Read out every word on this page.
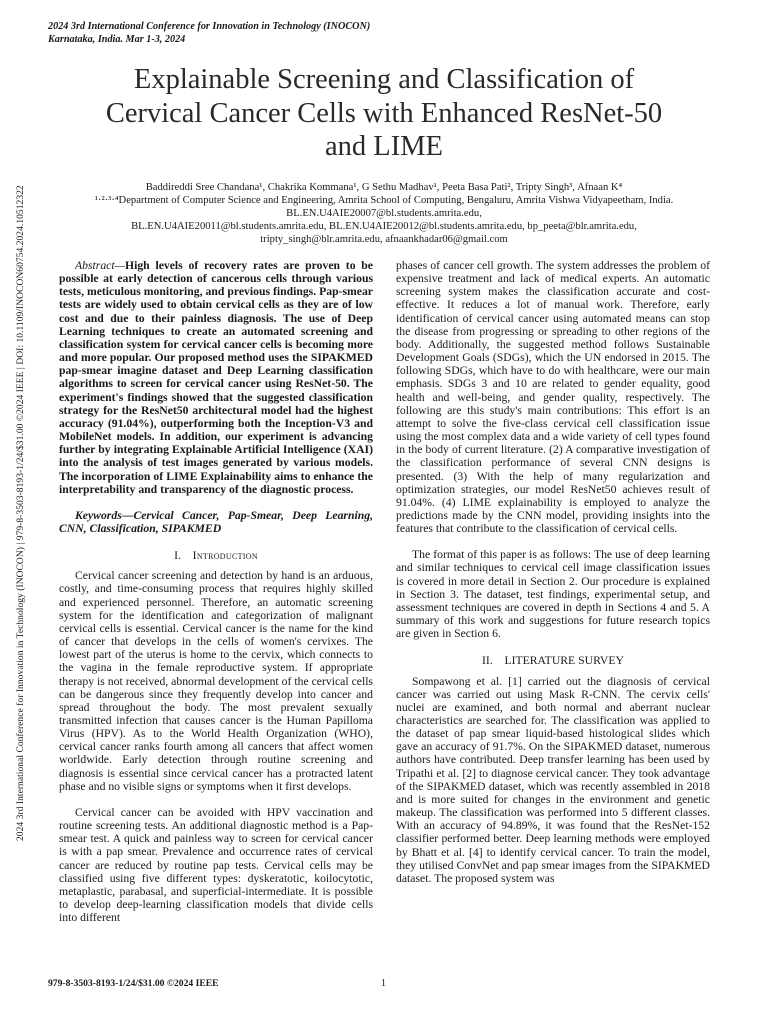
2024 3rd International Conference for Innovation in Technology (INOCON)
Karnataka, India. Mar 1-3, 2024
2024 3rd International Conference for Innovation in Technology (INOCON) | 979-8-3503-8193-1/24/$31.00 ©2024 IEEE | DOI: 10.1109/INOCON60754.2024.10512322
Explainable Screening and Classification of
Cervical Cancer Cells with Enhanced ResNet-50
and LIME
Baddireddi Sree Chandana¹, Chakrika Kommana¹, G Sethu Madhav¹, Peeta Basa Pati², Tripty Singh³, Afnaan K⁴
¹·²·³·⁴Department of Computer Science and Engineering, Amrita School of Computing, Bengaluru, Amrita Vishwa Vidyapeetham, India.
BL.EN.U4AIE20007@bl.students.amrita.edu,
BL.EN.U4AIE20011@bl.students.amrita.edu, BL.EN.U4AIE20012@bl.students.amrita.edu, bp_peeta@blr.amrita.edu,
tripty_singh@blr.amrita.edu, afnaankhadar06@gmail.com

Abstract—High levels of recovery rates are proven to be possible at early detection of cancerous cells through various tests, meticulous monitoring, and previous findings. Pap-smear tests are widely used to obtain cervical cells as they are of low cost and due to their painless diagnosis. The use of Deep Learning techniques to create an automated screening and classification system for cervical cancer cells is becoming more and more popular. Our proposed method uses the SIPAKMED pap-smear imagine dataset and Deep Learning classification algorithms to screen for cervical cancer using ResNet-50. The experiment's findings showed that the suggested classification strategy for the ResNet50 architectural model had the highest accuracy (91.04%), outperforming both the Inception-V3 and MobileNet models. In addition, our experiment is advancing further by integrating Explainable Artificial Intelligence (XAI) into the analysis of test images generated by various models. The incorporation of LIME Explainability aims to enhance the interpretability and transparency of the diagnostic process.

Keywords—Cervical Cancer, Pap-Smear, Deep Learning, CNN, Classification, SIPAKMED

I. Introduction

Cervical cancer screening and detection by hand is an arduous, costly, and time-consuming process that requires highly skilled and experienced personnel. Therefore, an automatic screening system for the identification and categorization of malignant cervical cells is essential. Cervical cancer is the name for the kind of cancer that develops in the cells of women's cervixes. The lowest part of the uterus is home to the cervix, which connects to the vagina in the female reproductive system. If appropriate therapy is not received, abnormal development of the cervical cells can be dangerous since they frequently develop into cancer and spread throughout the body. The most prevalent sexually transmitted infection that causes cancer is the Human Papilloma Virus (HPV). As to the World Health Organization (WHO), cervical cancer ranks fourth among all cancers that affect women worldwide. Early detection through routine screening and diagnosis is essential since cervical cancer has a protracted latent phase and no visible signs or symptoms when it first develops.

Cervical cancer can be avoided with HPV vaccination and routine screening tests. An additional diagnostic method is a Pap-smear test. A quick and painless way to screen for cervical cancer is with a pap smear. Prevalence and occurrence rates of cervical cancer are reduced by routine pap tests. Cervical cells may be classified using five different types: dyskeratotic, koilocytotic, metaplastic, parabasal, and superficial-intermediate. It is possible to develop deep-learning classification models that divide cells into different

phases of cancer cell growth. The system addresses the problem of expensive treatment and lack of medical experts. An automatic screening system makes the classification accurate and cost-effective. It reduces a lot of manual work. Therefore, early identification of cervical cancer using automated means can stop the disease from progressing or spreading to other regions of the body. Additionally, the suggested method follows Sustainable Development Goals (SDGs), which the UN endorsed in 2015. The following SDGs, which have to do with healthcare, were our main emphasis. SDGs 3 and 10 are related to gender equality, good health and well-being, and gender quality, respectively. The following are this study's main contributions: This effort is an attempt to solve the five-class cervical cell classification issue using the most complex data and a wide variety of cell types found in the body of current literature. (2) A comparative investigation of the classification performance of several CNN designs is presented. (3) With the help of many regularization and optimization strategies, our model ResNet50 achieves result of 91.04%. (4) LIME explainability is employed to analyze the predictions made by the CNN model, providing insights into the features that contribute to the classification of cervical cells.

The format of this paper is as follows: The use of deep learning and similar techniques to cervical cell image classification issues is covered in more detail in Section 2. Our procedure is explained in Section 3. The dataset, test findings, experimental setup, and assessment techniques are covered in depth in Sections 4 and 5. A summary of this work and suggestions for future research topics are given in Section 6.

II. LITERATURE SURVEY

Sompawong et al. [1] carried out the diagnosis of cervical cancer was carried out using Mask R-CNN. The cervix cells' nuclei are examined, and both normal and aberrant nuclear characteristics are searched for. The classification was applied to the dataset of pap smear liquid-based histological slides which gave an accuracy of 91.7%. On the SIPAKMED dataset, numerous authors have contributed. Deep transfer learning has been used by Tripathi et al. [2] to diagnose cervical cancer. They took advantage of the SIPAKMED dataset, which was recently assembled in 2018 and is more suited for changes in the environment and genetic makeup. The classification was performed into 5 different classes. With an accuracy of 94.89%, it was found that the ResNet-152 classifier performed better. Deep learning methods were employed by Bhatt et al. [4] to identify cervical cancer. To train the model, they utilised ConvNet and pap smear images from the SIPAKMED dataset. The proposed system was

979-8-3503-8193-1/24/$31.00 ©2024 IEEE	1
